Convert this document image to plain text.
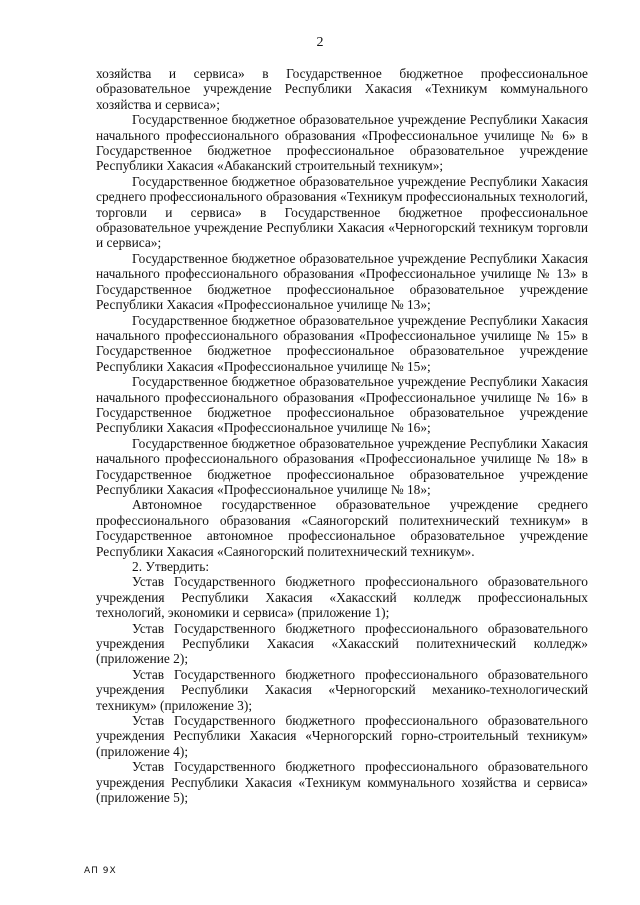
2

хозяйства и сервиса» в Государственное бюджетное профессиональное образовательное учреждение Республики Хакасия «Техникум коммунального хозяйства и сервиса»;

Государственное бюджетное образовательное учреждение Республики Хакасия начального профессионального образования «Профессиональное училище № 6» в Государственное бюджетное профессиональное образовательное учреждение Республики Хакасия «Абаканский строительный техникум»;

Государственное бюджетное образовательное учреждение Республики Хакасия среднего профессионального образования «Техникум профессиональных технологий, торговли и сервиса» в Государственное бюджетное профессиональное образовательное учреждение Республики Хакасия «Черногорский техникум торговли и сервиса»;

Государственное бюджетное образовательное учреждение Республики Хакасия начального профессионального образования «Профессиональное училище № 13» в Государственное бюджетное профессиональное образовательное учреждение Республики Хакасия «Профессиональное училище № 13»;

Государственное бюджетное образовательное учреждение Республики Хакасия начального профессионального образования «Профессиональное училище № 15» в Государственное бюджетное профессиональное образовательное учреждение Республики Хакасия «Профессиональное училище № 15»;

Государственное бюджетное образовательное учреждение Республики Хакасия начального профессионального образования «Профессиональное училище № 16» в Государственное бюджетное профессиональное образовательное учреждение Республики Хакасия «Профессиональное училище № 16»;

Государственное бюджетное образовательное учреждение Республики Хакасия начального профессионального образования «Профессиональное училище № 18» в Государственное бюджетное профессиональное образовательное учреждение Республики Хакасия «Профессиональное училище № 18»;

Автономное государственное образовательное учреждение среднего профессионального образования «Саяногорский политехнический техникум» в Государственное автономное профессиональное образовательное учреждение Республики Хакасия «Саяногорский политехнический техникум».

2. Утвердить:

Устав Государственного бюджетного профессионального образовательного учреждения Республики Хакасия «Хакасский колледж профессиональных технологий, экономики и сервиса» (приложение 1);

Устав Государственного бюджетного профессионального образовательного учреждения Республики Хакасия «Хакасский политехнический колледж» (приложение 2);

Устав Государственного бюджетного профессионального образовательного учреждения Республики Хакасия «Черногорский механико-технологический техникум» (приложение 3);

Устав Государственного бюджетного профессионального образовательного учреждения Республики Хакасия «Черногорский горно-строительный техникум» (приложение 4);

Устав Государственного бюджетного профессионального образовательного учреждения Республики Хакасия «Техникум коммунального хозяйства и сервиса» (приложение 5);

АП 9Х
